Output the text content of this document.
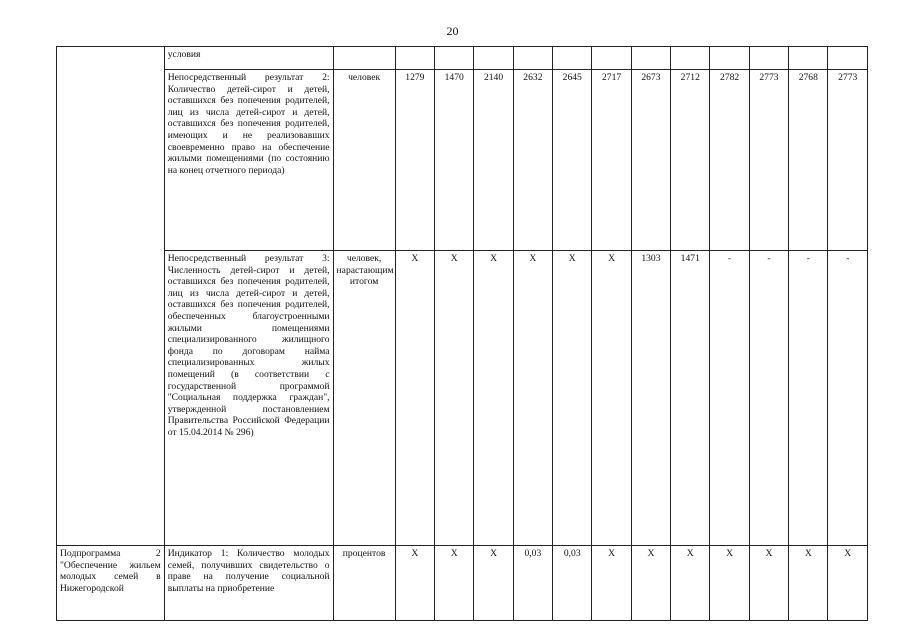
20
	условия													
	Непосредственный результат 2: Количество детей-сирот и детей, оставшихся без попечения родителей, лиц из числа детей-сирот и детей, оставшихся без попечения родителей, имеющих и не реализовавших своевременно право на обеспечение жилыми помещениями (по состоянию на конец отчетного периода)	человек	1279	1470	2140	2632	2645	2717	2673	2712	2782	2773	2768	2773
	Непосредственный результат 3: Численность детей-сирот и детей, оставшихся без попечения родителей, лиц из числа детей-сирот и детей, оставшихся без попечения родителей, обеспеченных благоустроенными жилыми помещениями специализированного жилищного фонда по договорам найма специализированных жилых помещений (в соответствии с государственной программой "Социальная поддержка граждан", утвержденной постановлением Правительства Российской Федерации от 15.04.2014 № 296)	человек, нарастающим итогом	X	X	X	X	X	X	1303	1471	-	-	-	-
Подпрограмма 2 "Обеспечение жильем молодых семей в Нижегородской	Индикатор 1: Количество молодых семей, получивших свидетельство о праве на получение социальной выплаты на приобретение	процентов	X	X	X	0,03	0,03	X	X	X	X	X	X	X
